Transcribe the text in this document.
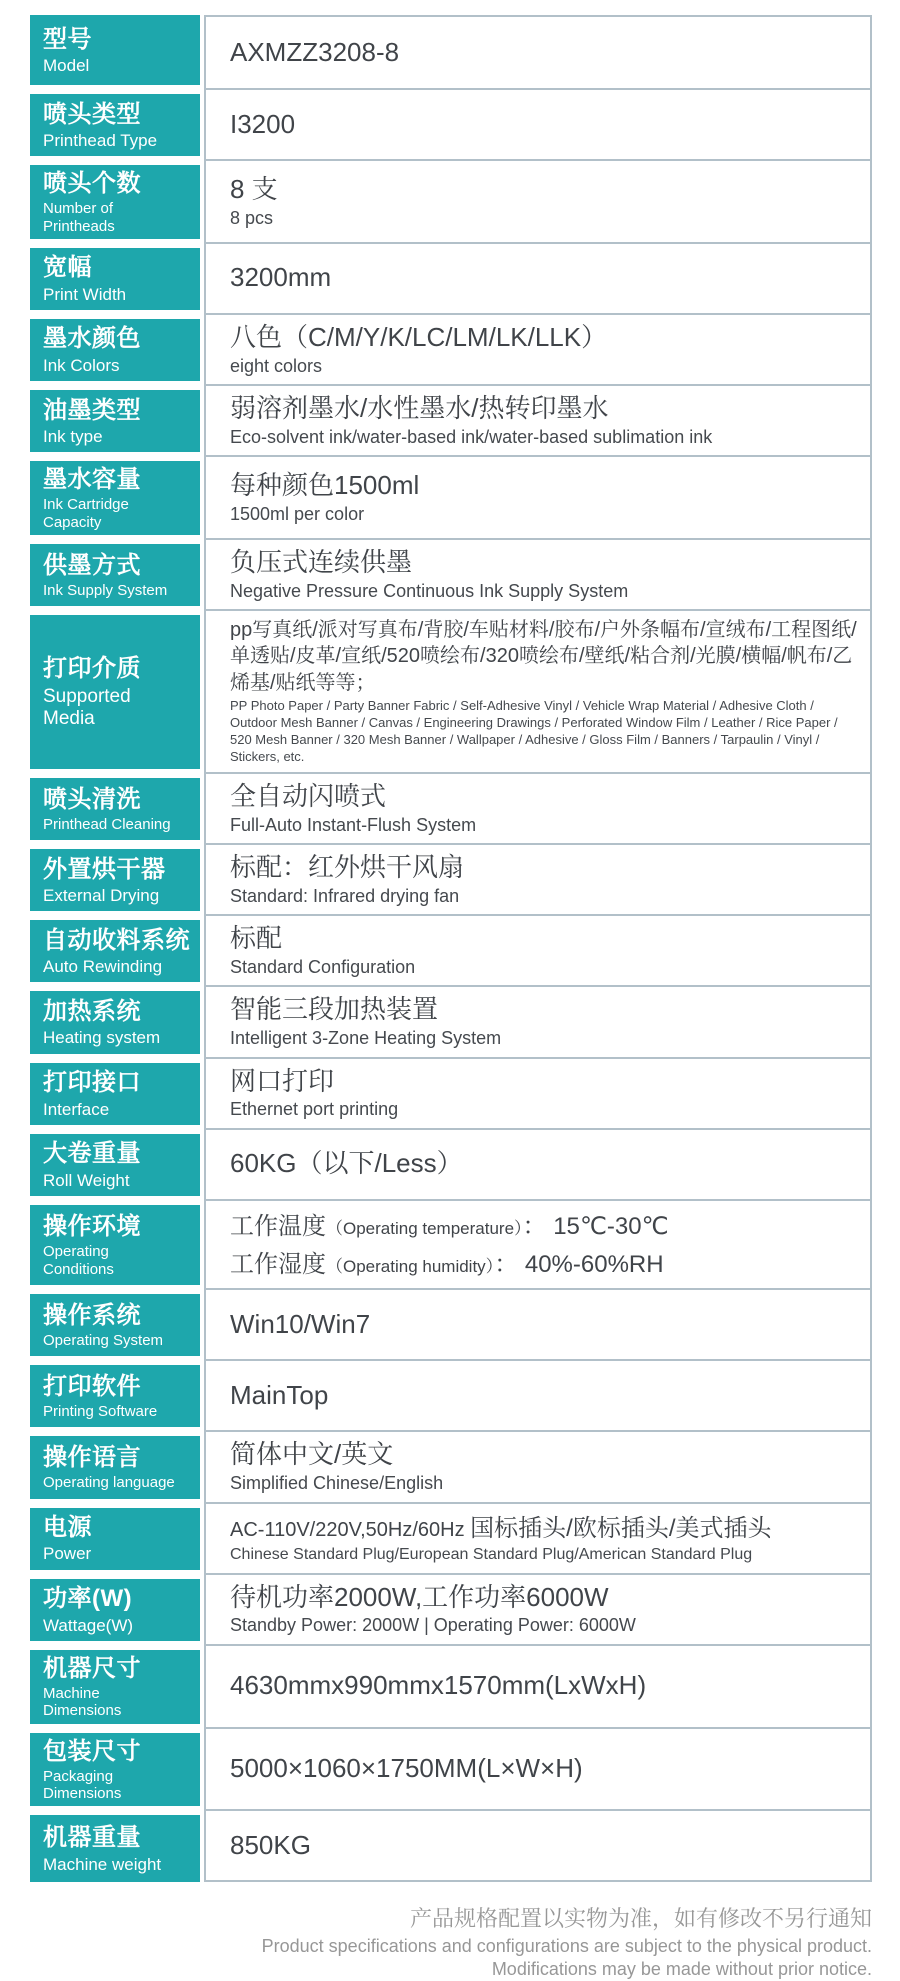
型号
Model	AXMZZ3208-8
喷头类型
Printhead Type
I3200
喷头个数
Number of Printheads
8 支
8 pcs
宽幅
Print Width
3200mm
墨水颜色
Ink Colors
八色（C/M/Y/K/LC/LM/LK/LLK）
eight colors
油墨类型
Ink type
弱溶剂墨水/水性墨水/热转印墨水
Eco-solvent ink/water-based ink/water-based sublimation ink
墨水容量
Ink Cartridge Capacity
每种颜色1500ml
1500ml per color
供墨方式
Ink Supply System
负压式连续供墨
Negative Pressure Continuous Ink Supply System
打印介质
Supported Media
pp写真纸/派对写真布/背胶/车贴材料/胶布/户外条幅布/宣绒布/工程图纸/单透贴/皮革/宣纸/520喷绘布/320喷绘布/壁纸/粘合剂/光膜/横幅/帆布/乙烯基/贴纸等等；
PP Photo Paper / Party Banner Fabric / Self-Adhesive Vinyl / Vehicle Wrap Material / Adhesive Cloth / Outdoor Mesh Banner / Canvas / Engineering Drawings / Perforated Window Film / Leather / Rice Paper / 520 Mesh Banner / 320 Mesh Banner / Wallpaper / Adhesive / Gloss Film / Banners / Tarpaulin / Vinyl / Stickers, etc.
喷头清洗
Printhead Cleaning
全自动闪喷式
Full-Auto Instant-Flush System
外置烘干器
External Drying
标配：红外烘干风扇
Standard: Infrared drying fan
自动收料系统
Auto Rewinding
标配
Standard Configuration
加热系统
Heating system
智能三段加热装置
Intelligent 3-Zone Heating System
打印接口
Interface
网口打印
Ethernet port printing
大卷重量
Roll Weight
60KG（以下/Less）
操作环境
Operating Conditions
工作温度（Operating temperature）： 15℃-30℃
工作湿度（Operating humidity）： 40%-60%RH
操作系统
Operating System
Win10/Win7
打印软件
Printing Software
MainTop
操作语言
Operating language
简体中文/英文
Simplified Chinese/English
电源
Power
AC-110V/220V,50Hz/60Hz 国标插头/欧标插头/美式插头
Chinese Standard Plug/European Standard Plug/American Standard Plug
功率(W)
Wattage(W)
待机功率2000W,工作功率6000W
Standby Power: 2000W | Operating Power: 6000W
机器尺寸
Machine Dimensions
4630mmx990mmx1570mm(LxWxH)
包装尺寸
Packaging Dimensions
5000×1060×1750MM(L×W×H)
机器重量
Machine weight
850KG
产品规格配置以实物为准，如有修改不另行通知
Product specifications and configurations are subject to the physical product.
Modifications may be made without prior notice.
